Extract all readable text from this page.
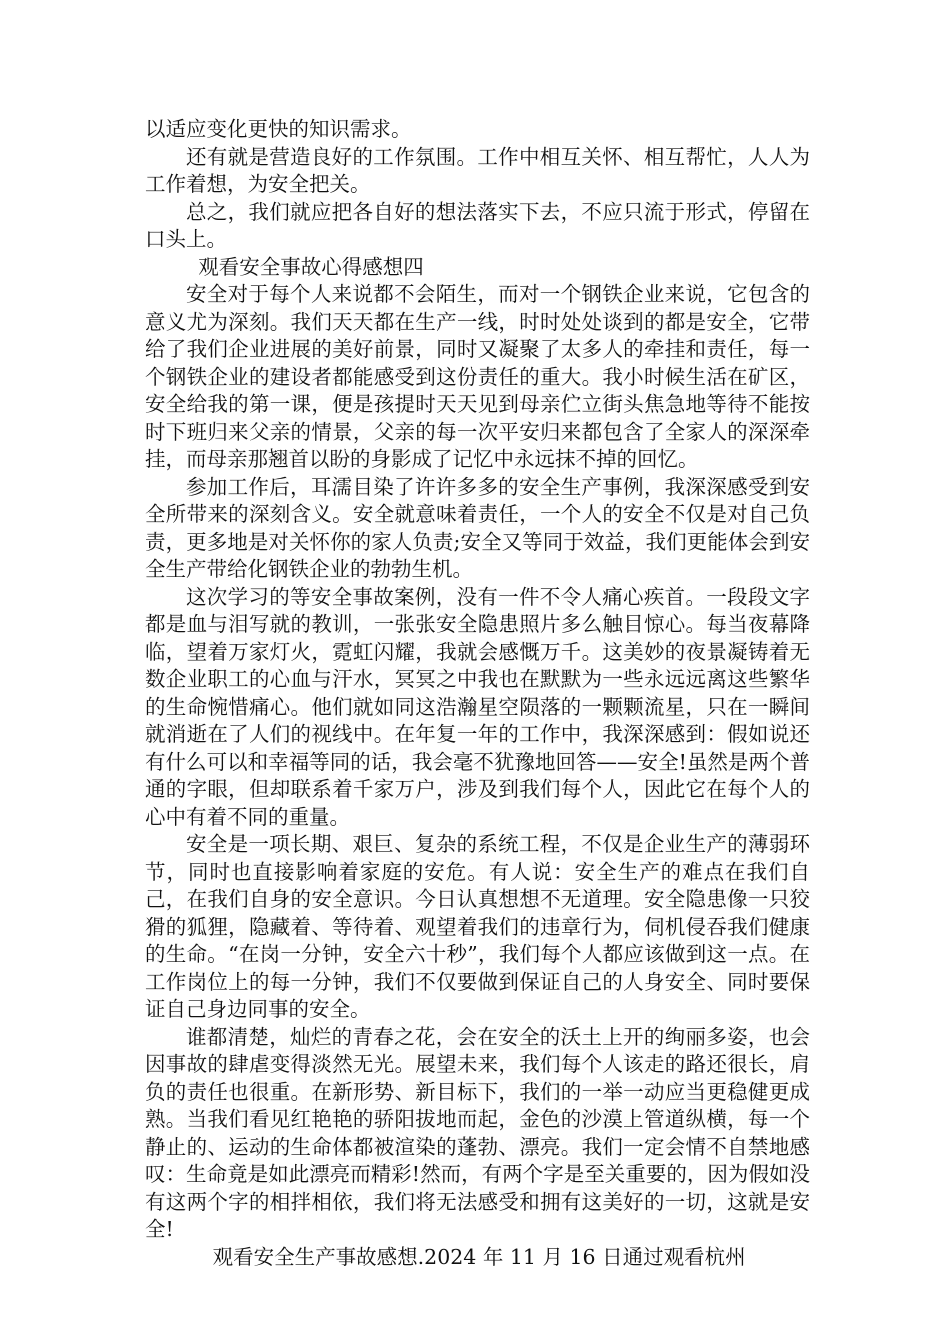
以适应变化更快的知识需求。

还有就是营造良好的工作氛围。工作中相互关怀、相互帮忙，人人为工作着想，为安全把关。

总之，我们就应把各自好的想法落实下去，不应只流于形式，停留在口头上。

观看安全事故心得感想四

安全对于每个人来说都不会陌生，而对一个钢铁企业来说，它包含的意义尤为深刻。我们天天都在生产一线，时时处处谈到的都是安全，它带给了我们企业进展的美好前景，同时又凝聚了太多人的牵挂和责任，每一个钢铁企业的建设者都能感受到这份责任的重大。我小时候生活在矿区，安全给我的第一课，便是孩提时天天见到母亲伫立街头焦急地等待不能按时下班归来父亲的情景，父亲的每一次平安归来都包含了全家人的深深牵挂，而母亲那翘首以盼的身影成了记忆中永远抹不掉的回忆。

参加工作后，耳濡目染了许许多多的安全生产事例，我深深感受到安全所带来的深刻含义。安全就意味着责任，一个人的安全不仅是对自己负责，更多地是对关怀你的家人负责;安全又等同于效益，我们更能体会到安全生产带给化钢铁企业的勃勃生机。

这次学习的等安全事故案例，没有一件不令人痛心疾首。一段段文字都是血与泪写就的教训，一张张安全隐患照片多么触目惊心。每当夜幕降临，望着万家灯火，霓虹闪耀，我就会感慨万千。这美妙的夜景凝铸着无数企业职工的心血与汗水，冥冥之中我也在默默为一些永远远离这些繁华的生命惋惜痛心。他们就如同这浩瀚星空陨落的一颗颗流星，只在一瞬间就消逝在了人们的视线中。在年复一年的工作中，我深深感到：假如说还有什么可以和幸福等同的话，我会毫不犹豫地回答——安全!虽然是两个普通的字眼，但却联系着千家万户，涉及到我们每个人，因此它在每个人的心中有着不同的重量。

安全是一项长期、艰巨、复杂的系统工程，不仅是企业生产的薄弱环节，同时也直接影响着家庭的安危。有人说：安全生产的难点在我们自己，在我们自身的安全意识。今日认真想想不无道理。安全隐患像一只狡猾的狐狸，隐藏着、等待着、观望着我们的违章行为，伺机侵吞我们健康的生命。“在岗一分钟，安全六十秒”，我们每个人都应该做到这一点。在工作岗位上的每一分钟，我们不仅要做到保证自己的人身安全、同时要保证自己身边同事的安全。

谁都清楚，灿烂的青春之花，会在安全的沃土上开的绚丽多姿，也会因事故的肆虐变得淡然无光。展望未来，我们每个人该走的路还很长，肩负的责任也很重。在新形势、新目标下，我们的一举一动应当更稳健更成熟。当我们看见红艳艳的骄阳拔地而起，金色的沙漠上管道纵横，每一个静止的、运动的生命体都被渲染的蓬勃、漂亮。我们一定会情不自禁地感叹：生命竟是如此漂亮而精彩!然而，有两个字是至关重要的，因为假如没有这两个字的相拌相依，我们将无法感受和拥有这美好的一切，这就是安全!

观看安全生产事故感想.2024 年 11 月 16 日通过观看杭州
